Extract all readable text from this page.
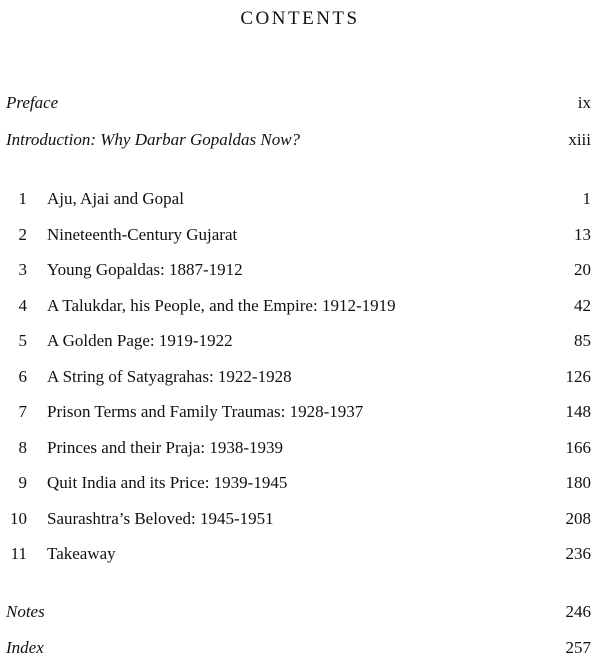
CONTENTS
Preface	ix
Introduction: Why Darbar Gopaldas Now?	xiii
1 Aju, Ajai and Gopal	1
2 Nineteenth-Century Gujarat	13
3 Young Gopaldas: 1887-1912	20
4 A Talukdar, his People, and the Empire: 1912-1919	42
5 A Golden Page: 1919-1922	85
6 A String of Satyagrahas: 1922-1928	126
7 Prison Terms and Family Traumas: 1928-1937	148
8 Princes and their Praja: 1938-1939	166
9 Quit India and its Price: 1939-1945	180
10 Saurashtra’s Beloved: 1945-1951	208
11 Takeaway	236
Notes	246
Index	257
